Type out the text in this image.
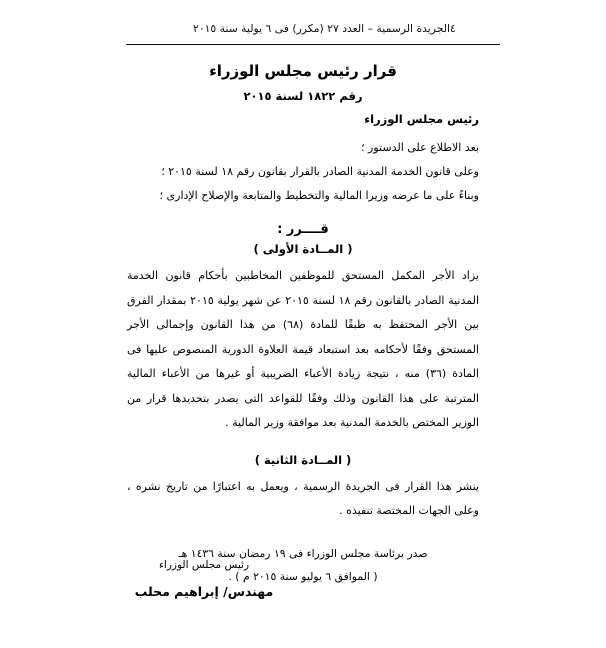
٤
الجريدة الرسمية – العدد ٢٧ (مكرر) فى ٦ يولية سنة ٢٠١٥
قرار رئيس مجلس الوزراء
رقم ١٨٢٢ لسنة ٢٠١٥
رئيس مجلس الوزراء
بعد الاطلاع على الدستور ؛
وعلى قانون الخدمة المدنية الصادر بالقرار بقانون رقم ١٨ لسنة ٢٠١٥ ؛
وبناءً على ما عرضه وزيرا المالية والتخطيط والمتابعة والإصلاح الإدارى ؛
قــــرر :
( المــادة الأولى )

يزاد الأجر المكمل المستحق للموظفين المخاطبين بأحكام قانون الخدمة المدنية الصادر بالقانون رقم ١٨ لسنة ٢٠١٥ عن شهر يولية ٢٠١٥ بمقدار الفرق بين الأجر المحتفظ به طبقًا للمادة (٦٨) من هذا القانون وإجمالى الأجر المستحق وفقًا لأحكامه بعد استبعاد قيمة العلاوة الدورية المنصوص عليها فى المادة (٣٦) منه ، نتيجة زيادة الأعباء الضريبية أو غيرها من الأعباء المالية المترتبة على هذا القانون وذلك وفقًا للقواعد التى يصدر بتحديدها قرار من الوزير المختص بالخدمة المدنية بعد موافقة وزير المالية .

( المــادة الثانية )

ينشر هذا القرار فى الجريدة الرسمية ، ويعمل به اعتبارًا من تاريخ نشره ، وعلى الجهات المختصة تنفيذه .

صدر برئاسة مجلس الوزراء فى ١٩ رمضان سنة ١٤٣٦ هـ
( الموافق ٦ يوليو سنة ٢٠١٥ م ) .
رئيس مجلس الوزراء
مهندس/ إبراهيم محلب
